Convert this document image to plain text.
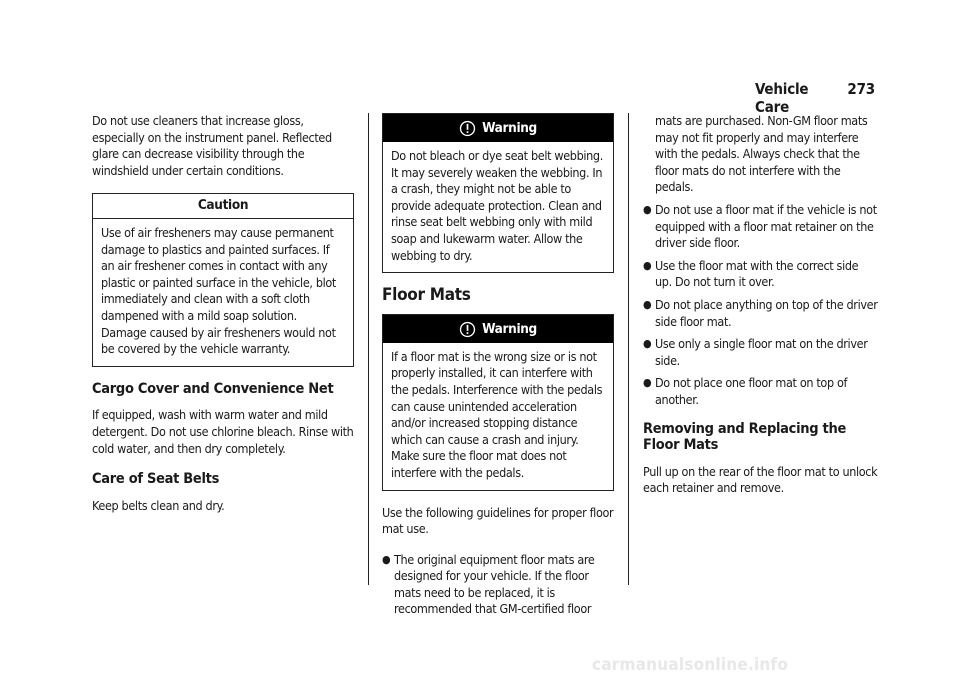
Vehicle Care
273

Do not use cleaners that increase gloss, especially on the instrument panel. Reflected glare can decrease visibility through the windshield under certain conditions.

Caution
Use of air fresheners may cause permanent damage to plastics and painted surfaces. If an air freshener comes in contact with any plastic or painted surface in the vehicle, blot immediately and clean with a soft cloth dampened with a mild soap solution. Damage caused by air fresheners would not be covered by the vehicle warranty.
Cargo Cover and Convenience Net

If equipped, wash with warm water and mild detergent. Do not use chlorine bleach. Rinse with cold water, and then dry completely.

Care of Seat Belts

Keep belts clean and dry.

Warning
Do not bleach or dye seat belt webbing. It may severely weaken the webbing. In a crash, they might not be able to provide adequate protection. Clean and rinse seat belt webbing only with mild soap and lukewarm water. Allow the webbing to dry.
Floor Mats
Warning
If a floor mat is the wrong size or is not properly installed, it can interfere with the pedals. Interference with the pedals can cause unintended acceleration and/or increased stopping distance which can cause a crash and injury. Make sure the floor mat does not interfere with the pedals.

Use the following guidelines for proper floor mat use.

● The original equipment floor mats are designed for your vehicle. If the floor mats need to be replaced, it is recommended that GM-certified floor

mats are purchased. Non-GM floor mats may not fit properly and may interfere with the pedals. Always check that the floor mats do not interfere with the pedals.

● Do not use a floor mat if the vehicle is not equipped with a floor mat retainer on the driver side floor.
● Use the floor mat with the correct side up. Do not turn it over.
● Do not place anything on top of the driver side floor mat.
● Use only a single floor mat on the driver side.
● Do not place one floor mat on top of another.
Removing and Replacing the Floor Mats

Pull up on the rear of the floor mat to unlock each retainer and remove.

carmanualsonline.info
